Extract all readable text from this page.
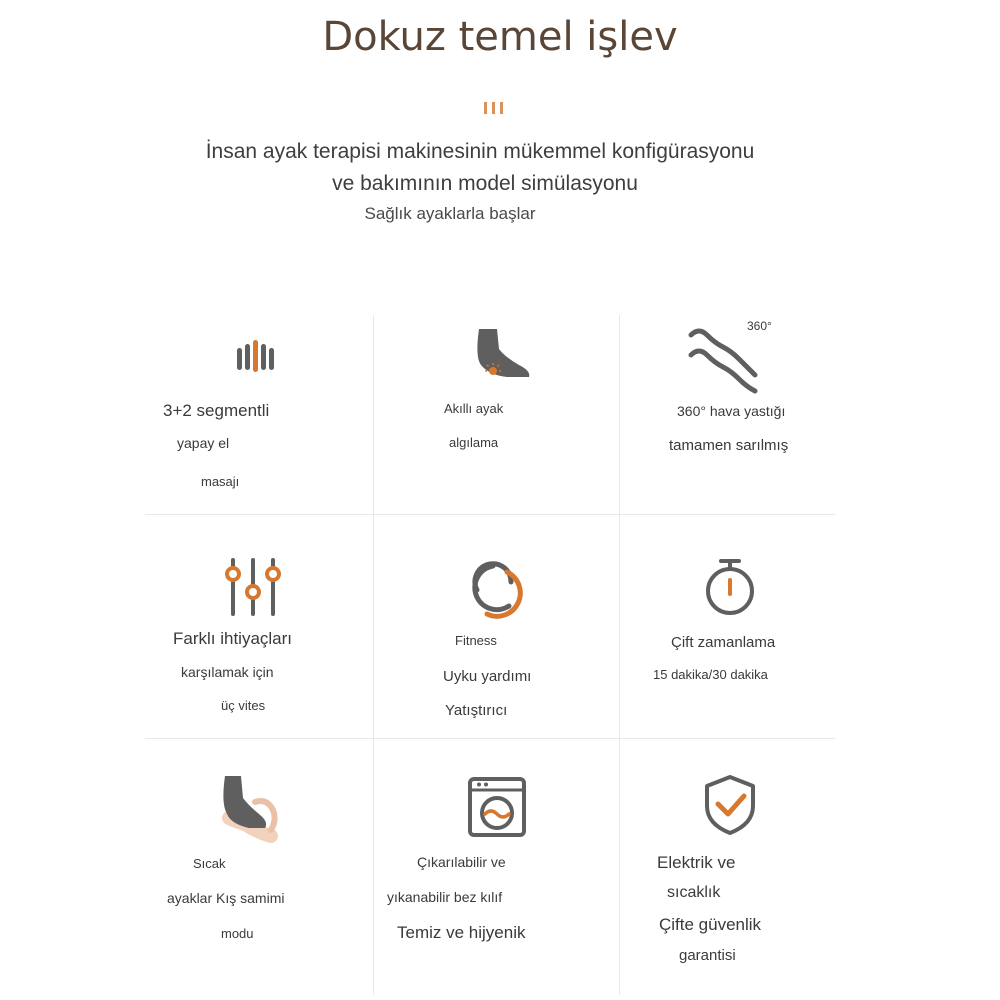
Dokuz temel işlev
İnsan ayak terapisi makinesinin mükemmel konfigürasyonu
ve bakımının model simülasyonu
Sağlık ayaklarla başlar
3+2 segmentli
yapay el
masajı
Akıllı ayak
algılama
360°
360° hava yastığı
tamamen sarılmış
Farklı ihtiyaçları
karşılamak için
üç vites
Fitness
Uyku yardımı
Yatıştırıcı
Çift zamanlama
15 dakika/30 dakika
Sıcak
ayaklar Kış samimi
modu
Çıkarılabilir ve
yıkanabilir bez kılıf
Temiz ve hijyenik
Elektrik ve
sıcaklık
Çifte güvenlik
garantisi
